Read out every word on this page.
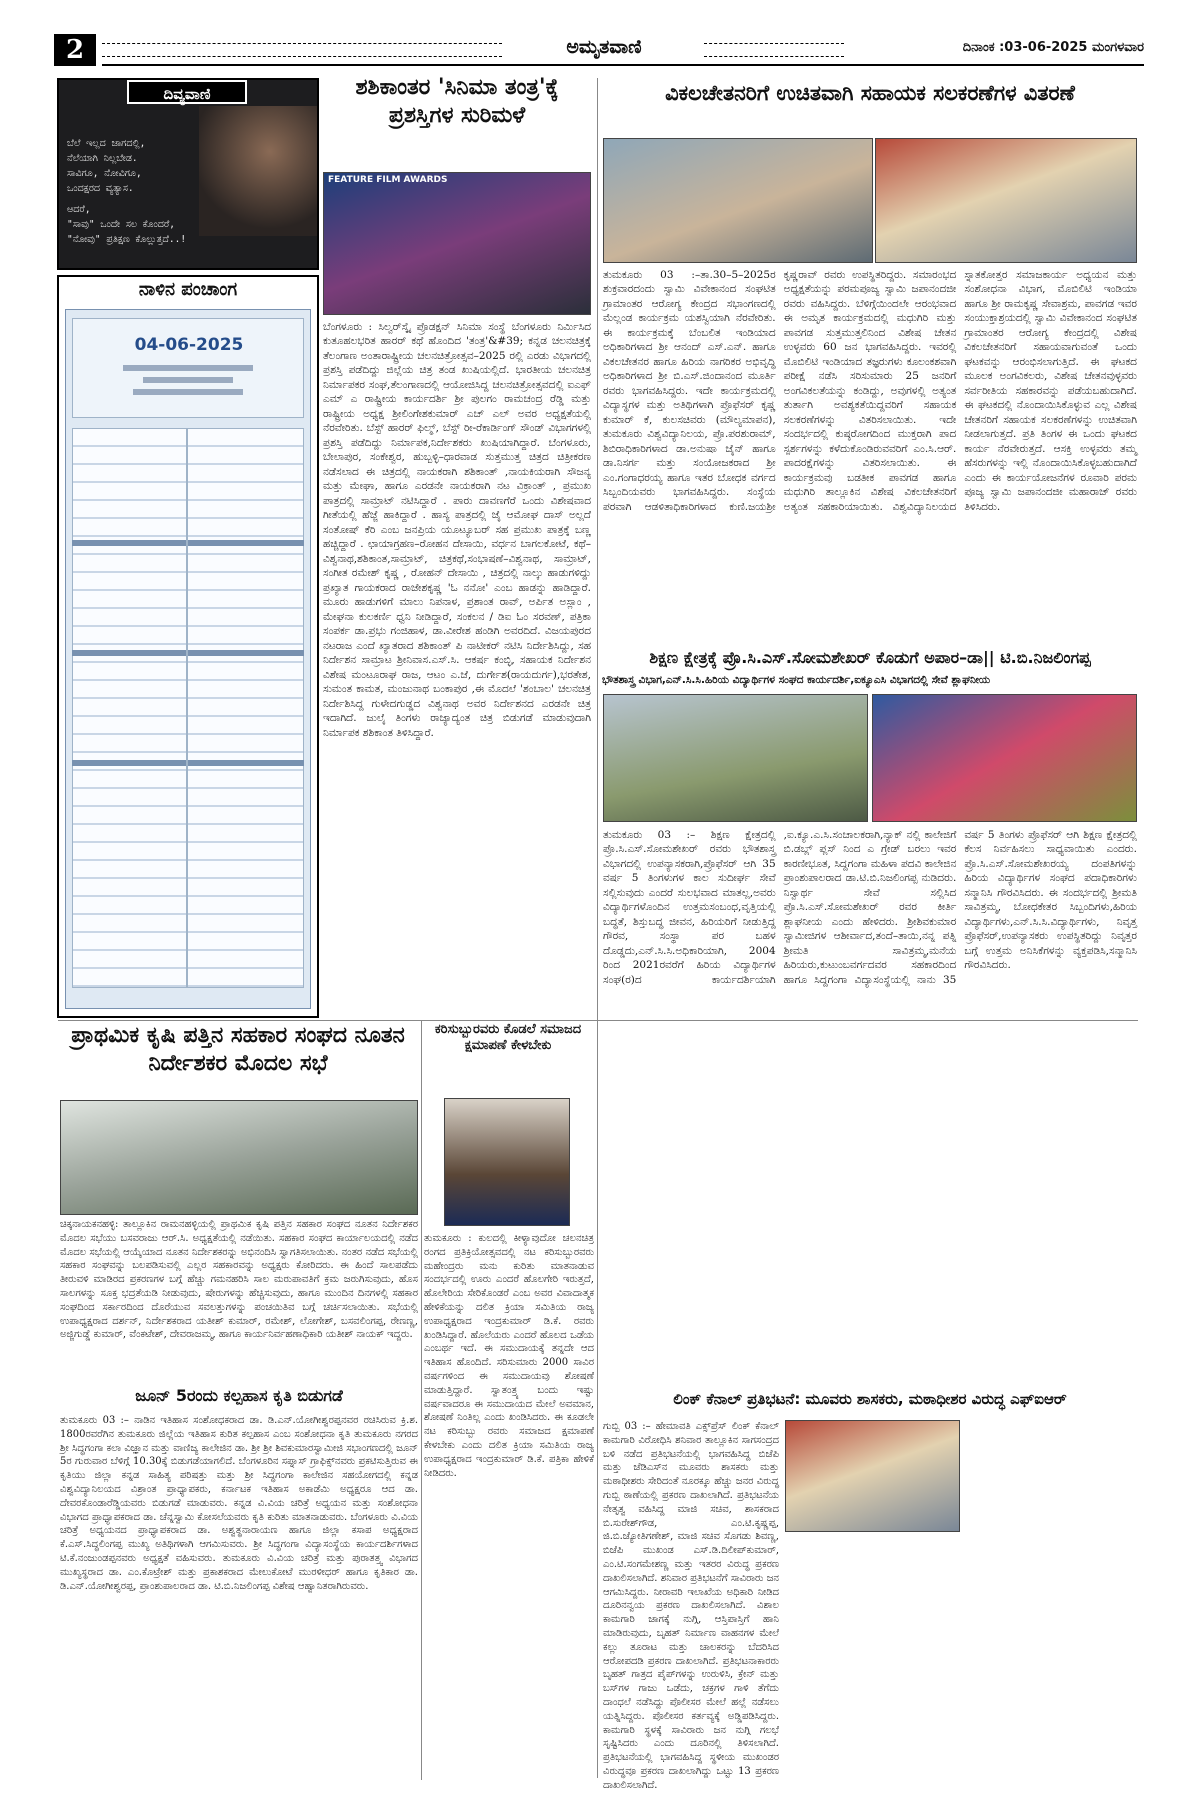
2	ಅಮೃತವಾಣಿ	ದಿನಾಂಕ :03-06-2025 ಮಂಗಳವಾರ
ದಿವ್ಯವಾಣಿ
ಬೆಲೆ ಇಲ್ಲದ ಜಾಗದಲ್ಲಿ,
ನೆಲೆಯಾಗಿ ನಿಲ್ಲಬೇಡ.
ಸಾವಿಗೂ, ನೋವಿಗೂ,
ಒಂದಕ್ಷರದ ವ್ಯತ್ಯಾಸ.
ಆದರೆ,
"ಸಾವು" ಒಂದೇ ಸಲ ಕೊಂದರೆ,
"ನೋವು" ಪ್ರತಿಕ್ಷಣ ಕೊಲ್ಲುತ್ತದೆ..!
ನಾಳಿನ ಪಂಚಾಂಗ
04-06-2025
ಶಶಿಕಾಂತರ 'ಸಿನಿಮಾ ತಂತ್ರ'ಕ್ಕೆ ಪ್ರಶಸ್ತಿಗಳ ಸುರಿಮಳೆ
FEATURE FILM AWARDS
ಬೆಂಗಳೂರು : ಸಿಲ್ವರ್‌ಸ್ಕೈ ಪ್ರೊಡಕ್ಷನ್ ಸಿನಿಮಾ ಸಂಸ್ಥೆ ಬೆಂಗಳೂರು ನಿರ್ಮಿಸಿದ ಕುತೂಹಲಭರಿತ ಹಾರರ್ ಕಥೆ ಹೊಂದಿದ 'ತಂತ್ರ'&#39; ಕನ್ನಡ ಚಲನಚಿತ್ರಕ್ಕೆ ತೆಲಂಗಾಣ ಅಂತಾರಾಷ್ಟ್ರೀಯ ಚಲನಚಿತ್ರೋತ್ಸವ–2025 ರಲ್ಲಿ ಎರಡು ವಿಭಾಗದಲ್ಲಿ ಪ್ರಶಸ್ತಿ ಪಡೆದಿದ್ದು ಜಿಲ್ಲೆಯ ಚಿತ್ರ ತಂಡ ಖುಷಿಯಲ್ಲಿದೆ. ಭಾರತೀಯ ಚಲನಚಿತ್ರ ನಿರ್ಮಾಪಕರ ಸಂಘ,ತೆಲಂಗಾಣದಲ್ಲಿ ಆಯೋಜಿಸಿದ್ದ ಚಲನಚಿತ್ರೋತ್ಸವದಲ್ಲಿ ಐಎಫ್ ಎಮ್ ಎ ರಾಷ್ಟ್ರೀಯ ಕಾರ್ಯದರ್ಶಿ ಶ್ರೀ ಪುಲಗಂ ರಾಮಚಂದ್ರ ರೆಡ್ಡಿ ಮತ್ತು ರಾಷ್ಟ್ರೀಯ ಅಧ್ಯಕ್ಷ ಶ್ರೀಲಿಂಗೇಶಕುಮಾರ್ ಎಚ್ ಎಲ್ ಅವರ ಅಧ್ಯಕ್ಷತೆಯಲ್ಲಿ ನೆರವೇರಿತು. ಬೆಸ್ಟ್ ಹಾರರ್ ಫಿಲ್ಮ್, ಬೆಸ್ಟ್ ರೀ-ರೆಕಾರ್ಡಿಂಗ್ ಸೌಂಡ್ ವಿಭಾಗಗಳಲ್ಲಿ ಪ್ರಶಸ್ತಿ ಪಡೆದಿದ್ದು ನಿರ್ಮಾಪಕ,ನಿರ್ದೇಶಕರು ಖುಷಿಯಾಗಿದ್ದಾರೆ. ಬೆಂಗಳೂರು, ಬೇಲಾಪುರ, ಸಂಕೇಶ್ವರ, ಹುಬ್ಬಳ್ಳಿ–ಧಾರವಾಡ ಸುತ್ತಮುತ್ತ ಚಿತ್ರದ ಚಿತ್ರೀಕರಣ ನಡೆಸಲಾದ ಈ ಚಿತ್ರದಲ್ಲಿ ನಾಯಕರಾಗಿ ಶಶಿಕಾಂತ್ ,ನಾಯಕಿಯರಾಗಿ ಸೌಜನ್ಯ ಮತ್ತು ಮೇಘಾ, ಹಾಗೂ ಎರಡನೇ ನಾಯಕರಾಗಿ ನಟ ವಿಕ್ರಾಂತ್ , ಪ್ರಮುಖ ಪಾತ್ರದಲ್ಲಿ ಸಾಮ್ರಾಟ್ ನಟಿಸಿದ್ದಾರೆ . ಪಾರು ದಾವಣಗೆರೆ ಒಂದು ವಿಶೇಷವಾದ ಗೀತೆಯಲ್ಲಿ ಹೆಜ್ಜೆ ಹಾಕಿದ್ದಾರೆ . ಹಾಸ್ಯ ಪಾತ್ರದಲ್ಲಿ ಜೈ ಆಮೋಘ ದಾಸ್ ಅಲ್ಲದೆ ಸಂತೋಷ್ ಕೆರಿ ಎಂಬ ಜನಪ್ರಿಯ ಯೂಟ್ಯೂಬರ್ ಸಹ ಪ್ರಮುಖ ಪಾತ್ರಕ್ಕೆ ಬಣ್ಣ ಹಚ್ಚಿದ್ದಾರೆ . ಛಾಯಾಗ್ರಹಣ–ರೋಹನ ದೇಸಾಯಿ, ವರ್ಧನ ಬಾಗಲಕೋಟೆ, ಕಥೆ– ವಿಶ್ವನಾಥ,ಶಶಿಕಾಂತ,ಸಾಮ್ರಾಟ್, ಚಿತ್ರಕಥೆ,ಸಂಭಾಷಣೆ–ವಿಶ್ವನಾಥ, ಸಾಮ್ರಾಟ್, ಸಂಗೀತ ರಮೇಶ್ ಕೃಷ್ಣ , ರೋಹನ್ ದೇಸಾಯಿ , ಚಿತ್ರದಲ್ಲಿ ನಾಲ್ಕು ಹಾಡುಗಳಿದ್ದು ಪ್ರಖ್ಯಾತ ಗಾಯಕರಾದ ರಾಜೇಶಕೃಷ್ಣ 'ಓ ನನೋ' ಎಂಬ ಹಾಡನ್ನು ಹಾಡಿದ್ದಾರೆ. ಮೂರು ಹಾಡುಗಳಿಗೆ ಮಾಲು ನಿಪನಾಳ, ಪ್ರಶಾಂತ ರಾವ್, ಅರ್ಪಿತ ಅಸ್ಲಾಂ , ಮೇಘನಾ ಕುಲಕರ್ಣಿ ಧ್ವನಿ ನೀಡಿದ್ದಾರೆ, ಸಂಕಲನ / ಡಿಐ ಓಂ ಸರವಣ್, ಪತ್ರಿಕಾ ಸಂಪರ್ಕ ಡಾ.ಪ್ರಭು ಗಂಜಿಹಾಳ, ಡಾ.ವೀರೇಶ ಹಂಡಿಗಿ ಅವರದಿದೆ. ವಿಜಯಪುರದ ನಟರಾಜ ಎಂದೆ ಖ್ಯಾತರಾದ ಶಶಿಕಾಂತ್ ಪಿ ನಾಟೀಕರ್ ನಟಿಸಿ ನಿರ್ದೇಶಿಸಿದ್ದು, ಸಹ ನಿರ್ದೇಶನ ಸಾಮ್ರಾಟ ಶ್ರೀನಿವಾಸ.ಎಸ್.ಸಿ. ಆಕರ್ಷ ಕಂಬ್ಳಿ, ಸಹಾಯಕ ನಿರ್ದೇಶನ ವಿಶೇಷ ಮಂಟೂರಾಘ ರಾಜ, ಆಟಂ ಎ.ಜೆ, ದುರ್ಗೇಶ(ರಾಯದುರ್ಗ),ಭರತೇಶ, ಸುಮಂತ ಕಾಮತ, ಮಂಜುನಾಥ ಬಂಕಾಪುರ ,ಈ ಮೊದಲೆ 'ಶಂಬಾಲ' ಚಲನಚಿತ್ರ ನಿರ್ದೇಶಿಸಿದ್ದ ಗುಳೇದಗುಡ್ಡದ ವಿಶ್ವನಾಥ ಅವರ ನಿರ್ದೇಶನದ ಎರಡನೇ ಚಿತ್ರ ಇದಾಗಿದೆ. ಜುಲೈ ತಿಂಗಳು ರಾಜ್ಯಾದ್ಯಂತ ಚಿತ್ರ ಬಿಡುಗಡೆ ಮಾಡುವುದಾಗಿ ನಿರ್ಮಾಪಕ ಶಶಿಕಾಂತ ತಿಳಿಸಿದ್ದಾರೆ.
ವಿಕಲಚೇತನರಿಗೆ ಉಚಿತವಾಗಿ ಸಹಾಯಕ ಸಲಕರಣೆಗಳ ವಿತರಣೆ
ತುಮಕೂರು 03 :–ತಾ.30–5–2025ರ ಶುಕ್ರವಾರದಂದು ಸ್ವಾಮಿ ವಿವೇಕಾನಂದ ಸಂಘಟಿತ ಗ್ರಾಮಾಂತರ ಆರೋಗ್ಯ ಕೇಂದ್ರದ ಸಭಾಂಗಣದಲ್ಲಿ ಮೆಲ್ಲಂಡ ಕಾರ್ಯಕ್ರಮ ಯಶಸ್ವಿಯಾಗಿ ನೆರವೇರಿತು. ಈ ಕಾರ್ಯಕ್ರಮಕ್ಕೆ ಬೆಂಬಲಿತ ಇಂಡಿಯಾದ ಅಧಿಕಾರಿಗಳಾದ ಶ್ರೀ ಆನಂದ್ ಎಸ್.ಎನ್. ಹಾಗೂ ವಿಕಲಚೇತನರ ಹಾಗೂ ಹಿರಿಯ ನಾಗರಿಕರ ಅಭಿವೃದ್ಧಿ ಅಧಿಕಾರಿಗಳಾದ ಶ್ರೀ ಬಿ.ಎಸ್.ಜಿಂದಾನಂದ ಮೂರ್ತಿ ರವರು ಭಾಗವಹಿಸಿದ್ದರು. ಇದೇ ಕಾರ್ಯಕ್ರಮದಲ್ಲಿ ವಿದ್ಯಾಸ್ಥಗಳ ಮತ್ತು ಅತಿಥಿಗಳಾಗಿ ಪ್ರೊಫೆಸರ್ ಕೃಷ್ಣ ಕುಮಾರ್ ಕೆ, ಕುಲಸಚಿವರು (ಮೌಲ್ಯಮಾಪನ), ತುಮಕೂರು ವಿಶ್ವವಿದ್ಯಾನಿಲಯ, ಪ್ರೊ.ಪರಶುರಾಮ್, ಶಿಬಿರಾಧಿಕಾರಿಗಳಾದ ಡಾ.ಅನುಷಾ ಜೈನ್ ಹಾಗೂ ಡಾ.ನಿಸರ್ಗ ಮತ್ತು ಸಂಯೋಜಕರಾದ ಶ್ರೀ ಎಂ.ಗಂಗಾಧರಯ್ಯ ಹಾಗೂ ಇತರ ಬೋಧಕ ವರ್ಗದ ಸಿಬ್ಬಂದಿಯವರು ಭಾಗವಹಿಸಿದ್ದರು. ಸಂಸ್ಥೆಯ ಪರವಾಗಿ ಆಡಳಿತಾಧಿಕಾರಿಗಳಾದ ಕುಣಿ.ಜಯಶ್ರೀ ಕೃಷ್ಣರಾವ್ ರವರು ಉಪಸ್ಥಿತರಿದ್ದರು. ಸಮಾರಂಭದ ಅಧ್ಯಕ್ಷತೆಯನ್ನು ಪರಮಪೂಜ್ಯ ಸ್ವಾಮಿ ಜಪಾನಂದಜೀ ರವರು ವಹಿಸಿದ್ದರು. ಬೆಳಿಗ್ಗೆಯಿಂದಲೇ ಆರಂಭವಾದ ಈ ಅಮೃತ ಕಾರ್ಯಕ್ರಮದಲ್ಲಿ ಮಧುಗಿರಿ ಮತ್ತು ಪಾವಗಡ ಸುತ್ತಮುತ್ತಲಿನಿಂದ ವಿಶೇಷ ಚೇತನ ಉಳ್ಳವರು 60 ಜನ ಭಾಗವಹಿಸಿದ್ದರು. ಇವರಲ್ಲಿ ಮೊಬಿಲಿಟಿ ಇಂಡಿಯಾದ ತಜ್ಞರುಗಳು ಕೂಲಂಕಶವಾಗಿ ಪರೀಕ್ಷೆ ನಡೆಸಿ ಸರಿಸುಮಾರು 25 ಜನರಿಗೆ ಅಂಗವಿಕಲತೆಯನ್ನು ಕಂಡಿದ್ದು, ಅವುಗಳಲ್ಲಿ ಅತ್ಯಂತ ತುರ್ತಾಗಿ ಅವಶ್ಯಕತೆಯಿದ್ದವರಿಗೆ ಸಹಾಯಕ ಸಲಕರಣೆಗಳನ್ನು ವಿತರಿಸಲಾಯಿತು. ಇದೇ ಸಂದರ್ಭದಲ್ಲಿ ಕುಷ್ಠರೋಗದಿಂದ ಮುಕ್ತರಾಗಿ ಪಾದ ಸ್ಪರ್ಶಗಳನ್ನು ಕಳೆದುಕೊಂಡಿರುವವರಿಗೆ ಎಂ.ಸಿ.ಆರ್. ಪಾದರಕ್ಷೆಗಳನ್ನು ವಿತರಿಸಲಾಯಿತು. ಈ ಕಾರ್ಯಕ್ರಮವು ಬಡತೀಕ ಪಾವಗಡ ಹಾಗೂ ಮಧುಗಿರಿ ತಾಲ್ಲೂಕಿನ ವಿಶೇಷ ವಿಕಲಚೇತನರಿಗೆ ಅತ್ಯಂತ ಸಹಕಾರಿಯಾಯಿತು. ವಿಶ್ವವಿದ್ಯಾನಿಲಯದ ಸ್ನಾತಕೋತ್ತರ ಸಮಾಜಕಾರ್ಯ ಅಧ್ಯಯನ ಮತ್ತು ಸಂಶೋಧನಾ ವಿಭಾಗ, ಮೊಬಿಲಿಟಿ ಇಂಡಿಯಾ ಹಾಗೂ ಶ್ರೀ ರಾಮಕೃಷ್ಣ ಸೇವಾಶ್ರಮ, ಪಾವಗಡ ಇವರ ಸಂಯುಕ್ತಾಶ್ರಯದಲ್ಲಿ ಸ್ವಾಮಿ ವಿವೇಕಾನಂದ ಸಂಘಟಿತ ಗ್ರಾಮಾಂತರ ಆರೋಗ್ಯ ಕೇಂದ್ರದಲ್ಲಿ ವಿಶೇಷ ವಿಕಲಚೇತನರಿಗೆ ಸಹಾಯವಾಗುವಂತೆ ಒಂದು ಘಟಕವನ್ನು ಆರಂಭಿಸಲಾಗುತ್ತಿದೆ. ಈ ಘಟಕದ ಮೂಲಕ ಅಂಗವಿಕಲರು, ವಿಶೇಷ ಚೇತನವುಳ್ಳವರು ಸರ್ವರೀತಿಯ ಸಹಕಾರವನ್ನು ಪಡೆಯಬಹುದಾಗಿದೆ. ಈ ಘಟಕದಲ್ಲಿ ನೊಂದಾಯಿಸಿಕೊಳ್ಳುವ ಎಲ್ಲ ವಿಶೇಷ ಚೇತನರಿಗೆ ಸಹಾಯಕ ಸಲಕರಣೆಗಳನ್ನು ಉಚಿತವಾಗಿ ನೀಡಲಾಗುತ್ತದೆ. ಪ್ರತಿ ತಿಂಗಳ ಈ ಒಂದು ಘಟಕದ ಕಾರ್ಯ ನೆರವೇರುತ್ತದೆ. ಆಸಕ್ತಿ ಉಳ್ಳವರು ತಮ್ಮ ಹೆಸರುಗಳನ್ನು ಇಲ್ಲಿ ನೊಂದಾಯಿಸಿಕೊಳ್ಳಬಹುದಾಗಿದೆ ಎಂದು ಈ ಕಾರ್ಯಯೋಜನೆಗಳ ರೂವಾರಿ ಪರಮ ಪೂಜ್ಯ ಸ್ವಾಮಿ ಜಪಾನಂದಜೀ ಮಹಾರಾಜ್ ರವರು ತಿಳಿಸಿದರು.
ಶಿಕ್ಷಣ ಕ್ಷೇತ್ರಕ್ಕೆ ಪ್ರೊ.ಸಿ.ಎಸ್.ಸೋಮಶೇಖರ್ ಕೊಡುಗೆ ಅಪಾರ–ಡಾ|| ಟಿ.ಬಿ.ನಿಜಲಿಂಗಪ್ಪ
ಭೌತಶಾಸ್ತ್ರ ವಿಭಾಗ,ಎನ್.ಸಿ.ಸಿ.ಹಿರಿಯ ವಿದ್ಯಾರ್ಥಿಗಳ ಸಂಘದ ಕಾರ್ಯದರ್ಶಿ,ಐಕ್ಯೂಎಸಿ ವಿಭಾಗದಲ್ಲಿ ಸೇವೆ ಶ್ಲಾಘನೀಯ
ತುಮಕೂರು 03 :– ಶಿಕ್ಷಣ ಕ್ಷೇತ್ರದಲ್ಲಿ ಪ್ರೊ.ಸಿ.ಎಸ್.ಸೋಮಶೇಖರ್ ರವರು ಭೌತಶಾಸ್ತ್ರ ವಿಭಾಗದಲ್ಲಿ ಉಪನ್ಯಾಸಕರಾಗಿ,ಪ್ರೊಫೆಸರ್ ಆಗಿ 35 ವರ್ಷ 5 ತಿಂಗಳುಗಳ ಕಾಲ ಸುದೀರ್ಘ ಸೇವೆ ಸಲ್ಲಿಸುವುದು ಎಂದರೆ ಸುಲಭವಾದ ಮಾತಲ್ಲ,ಅವರು ವಿದ್ಯಾರ್ಥಿಗಳೊಂದಿನ ಉತ್ತಮಸಂಬಂಧ,ವೃತ್ತಿಯಲ್ಲಿ ಬದ್ಧತೆ, ಶಿಸ್ತುಬದ್ಧ ಜೀವನ, ಹಿರಿಯರಿಗೆ ನೀಡುತ್ತಿದ್ದ ಗೌರವ, ಸಂಸ್ಥಾ ಪರ ಬಹಳ ದೊಡ್ಡದು,ಎನ್.ಸಿ.ಸಿ.ಅಧಿಕಾರಿಯಾಗಿ, 2004 ರಿಂದ 2021ರವರೆಗೆ ಹಿರಿಯ ವಿದ್ಯಾರ್ಥಿಗಳ ಸಂಘ(ರ)ದ ಕಾರ್ಯದರ್ಶಿಯಾಗಿ ,ಐ.ಕ್ಯೂ.ಎ.ಸಿ.ಸಂಚಾಲಕರಾಗಿ,ನ್ಯಾಕ್ ನಲ್ಲಿ ಕಾಲೇಜಿಗೆ ಬಿ.ಡಬ್ಲ್ ಪ್ಲಸ್ ನಿಂದ ಎ ಗ್ರೇಡ್ ಬರಲು ಇವರ ಕಾರಣೀಭೂತ, ಸಿದ್ದಗಂಗಾ ಮಹಿಳಾ ಪದವಿ ಕಾಲೇಜಿನ ಪ್ರಾಂಶುಪಾಲರಾದ ಡಾ.ಟಿ.ಬಿ.ನಿಜಲಿಂಗಪ್ಪ ನುಡಿದರು. ನಿಸ್ವಾರ್ಥ ಸೇವೆ ಸಲ್ಲಿಸಿದ ಪ್ರೊ.ಸಿ.ಎಸ್.ಸೋಮಶೇಖರ್ ರವರ ಕೀರ್ತಿ ಶ್ಲಾಘನೀಯ ಎಂದು ಹೇಳಿದರು. ಶ್ರೀಶಿವಕುಮಾರ ಸ್ವಾಮೀಜಿಗಳ ಆಶೀರ್ವಾದ,ತಂದೆ–ತಾಯಿ,ನನ್ನ ಪತ್ನಿ ಶ್ರೀಮತಿ ಸಾವಿತ್ರಮ್ಮ,ಮನೆಯ ಹಿರಿಯರು,ಕುಟುಂಬವರ್ಗದವರ ಸಹಕಾರದಿಂದ ಹಾಗೂ ಸಿದ್ದಗಂಗಾ ವಿದ್ಯಾಸಂಸ್ಥೆಯಲ್ಲಿ ನಾನು 35 ವರ್ಷ 5 ತಿಂಗಳು ಪ್ರೊಫೆಸರ್ ಆಗಿ ಶಿಕ್ಷಣ ಕ್ಷೇತ್ರದಲ್ಲಿ ಕೆಲಸ ನಿರ್ವಹಿಸಲು ಸಾಧ್ಯವಾಯಿತು ಎಂದರು. ಪ್ರೊ.ಸಿ.ಎಸ್.ಸೋಮಶೇಖರಯ್ಯ ದಂಪತಿಗಳನ್ನು ಹಿರಿಯ ವಿದ್ಯಾರ್ಥಿಗಳ ಸಂಘದ ಪದಾಧಿಕಾರಿಗಳು ಸನ್ಮಾನಿಸಿ ಗೌರವಿಸಿದರು. ಈ ಸಂದರ್ಭದಲ್ಲಿ ಶ್ರೀಮತಿ ಸಾವಿತ್ರಮ್ಮ, ಬೋಧಕೇತರ ಸಿಬ್ಬಂದಿಗಳು,ಹಿರಿಯ ವಿದ್ಯಾರ್ಥಿಗಳು,ಎನ್.ಸಿ.ಸಿ.ವಿದ್ಯಾರ್ಥಿಗಳು, ನಿವೃತ್ತ ಪ್ರೊಫೆಸರ್,ಉಪನ್ಯಾಸಕರು ಉಪಸ್ಥಿತರಿದ್ದು ನಿವೃತ್ತರ ಬಗ್ಗೆ ಉತ್ತಮ ಅನಿಸಿಕೆಗಳನ್ನು ವ್ಯಕ್ತಪಡಿಸಿ,ಸನ್ಮಾನಿಸಿ ಗೌರವಿಸಿದರು.
ಪ್ರಾಥಮಿಕ ಕೃಷಿ ಪತ್ತಿನ ಸಹಕಾರ ಸಂಘದ ನೂತನ ನಿರ್ದೇಶಕರ ಮೊದಲ ಸಭೆ
ಚಿಕ್ಕನಾಯಕನಹಳ್ಳಿ: ತಾಲ್ಲೂಕಿನ ರಾಮನಹಳ್ಳಿಯಲ್ಲಿ ಪ್ರಾಥಮಿಕ ಕೃಷಿ ಪತ್ತಿನ ಸಹಕಾರ ಸಂಘದ ನೂತನ ನಿರ್ದೇಶಕರ ಮೊದಲ ಸಭೆಯು ಬಸವರಾಜು ಆರ್.ಸಿ. ಅಧ್ಯಕ್ಷತೆಯಲ್ಲಿ ನಡೆಯಿತು. ಸಹಕಾರ ಸಂಘದ ಕಾರ್ಯಾಲಯದಲ್ಲಿ ನಡೆದ ಮೊದಲ ಸಭೆಯಲ್ಲಿ ಆಯ್ಕೆಯಾದ ನೂತನ ನಿರ್ದೇಶಕರನ್ನು ಅಭಿನಂದಿಸಿ ಸ್ವಾಗತಿಸಲಾಯಿತು. ನಂತರ ನಡೆದ ಸಭೆಯಲ್ಲಿ ಸಹಕಾರ ಸಂಘವನ್ನು ಬಲಪಡಿಸುವಲ್ಲಿ ಎಲ್ಲರ ಸಹಕಾರವನ್ನು ಅಧ್ಯಕ್ಷರು ಕೋರಿದರು. ಈ ಹಿಂದೆ ಸಾಲಪಡೆದು ತೀರುವಳಿ ಮಾಡಿರದ ಪ್ರಕರಣಗಳ ಬಗ್ಗೆ ಹೆಚ್ಚು ಗಮನಹರಿಸಿ ಸಾಲ ಮರುಪಾವತಿಗೆ ಕ್ರಮ ಜರುಗಿಸುವುದು, ಹೊಸ ಸಾಲಗಳನ್ನು ಸೂಕ್ತ ಭದ್ರತೆಯಡಿ ನೀಡುವುದು, ಷೇರುಗಳನ್ನು ಹೆಚ್ಚಿಸುವುದು, ಹಾಗೂ ಮುಂದಿನ ದಿನಗಳಲ್ಲಿ ಸಹಕಾರ ಸಂಘದಿಂದ ಸರ್ಕಾರದಿಂದ ದೊರೆಯುವ ಸವಲತ್ತುಗಳನ್ನು ಪಂಚಯಿತಿವ ಬಗ್ಗೆ ಚರ್ಚಿಸಲಾಯಿತು. ಸಭೆಯಲ್ಲಿ ಉಪಾಧ್ಯಕ್ಷರಾದ ದರ್ಶನ್, ನಿರ್ದೇಶಕರಾದ ಯತೀಶ್ ಕುಮಾರ್, ರಮೇಶ್, ಲೋಗೇಶ್, ಬಸವಲಿಂಗಪ್ಪ, ರೇಣಣ್ಣ, ಅಜ್ಜಿಗುಡ್ಡೆ ಕುಮಾರ್, ವೆಂಕಟೇಶ್, ದೇವರಾಜಮ್ಮ, ಹಾಗೂ ಕಾರ್ಯನಿರ್ವಹಣಾಧಿಕಾರಿ ಯತೀಶ್ ನಾಯಕ್ ಇದ್ದರು.
ಕರಿಸುಬ್ಬುರವರು ಕೊಡಲೆ ಸಮಾಜದ ಕ್ಷಮಾಪಣೆ ಕೇಳಬೇಕು
ತುಮಕೂರು : ಕುಲದಲ್ಲಿ ಕೀಳ್ಯಾವುದೋ ಚಲನಚಿತ್ರ ರಂಗದ ಪ್ರತಿಕ್ರಿಯೋತ್ಸವದಲ್ಲಿ ನಟ ಕರಿಸುಬ್ಬುರವರು ಮಹೇಂದ್ರರು ಮನು ಕುರಿತು ಮಾತನಾಡುವ ಸಂದರ್ಭದಲ್ಲಿ ಊರು ಎಂದರೆ ಹೊಲಗೇರಿ ಇರುತ್ತದೆ, ಹೊಲೇರಿಯ ಸೇರಿಕೊಂಡರೆ ಎಂಬ ಅವರ ವಿವಾದಾತ್ಮಕ ಹೇಳಿಕೆಯನ್ನು ದಲಿತ ಕ್ರಿಯಾ ಸಮಿತಿಯ ರಾಜ್ಯ ಉಪಾಧ್ಯಕ್ಷರಾದ ಇಂದ್ರಕುಮಾರ್ ಡಿ.ಕೆ. ರವರು ಖಂಡಿಸಿದ್ದಾರೆ. ಹೊಲೆಯರು ಎಂದರೆ ಹೊಲದ ಒಡೆಯ ಎಂಬರ್ಥ ಇದೆ. ಈ ಸಮುದಾಯಕ್ಕೆ ತನ್ನದೇ ಆದ ಇತಿಹಾಸ ಹೊಂದಿದೆ. ಸರಿಸುಮಾರು 2000 ಸಾವಿರ ವರ್ಷಗಳಿಂದ ಈ ಸಮುದಾಯವು ಶೋಷಣೆ ಮಾಡುತ್ತಿದ್ದಾರೆ. ಸ್ವಾತಂತ್ರ್ಯ ಬಂದು ಇಷ್ಟು ವರ್ಷವಾದರೂ ಈ ಸಮುದಾಯದ ಮೇಲೆ ಅವಮಾನ, ಶೋಷಣೆ ನಿಂತಿಲ್ಲ ಎಂದು ಖಂಡಿಸಿದರು. ಈ ಕೂಡಲೇ ನಟ ಕರಿಸುಬ್ಬು ರವರು ಸಮಾಜದ ಕ್ಷಮಾಪಣೆ ಕೇಳಬೇಕು ಎಂದು ದಲಿತ ಕ್ರಿಯಾ ಸಮಿತಿಯ ರಾಜ್ಯ ಉಪಾಧ್ಯಕ್ಷರಾದ ಇಂದ್ರಕುಮಾರ್ ಡಿ.ಕೆ. ಪತ್ರಿಕಾ ಹೇಳಿಕೆ ನೀಡಿದರು.
ಜೂನ್ 5ರಂದು ಕಲ್ಪಹಾಸ ಕೃತಿ ಬಿಡುಗಡೆ
ತುಮಕೂರು 03 :– ನಾಡಿನ ಇತಿಹಾಸ ಸಂಶೋಧಕರಾದ ಡಾ. ಡಿ.ಎನ್.ಯೋಗೀಶ್ವರಪ್ಪನವರ ರಚಿಸಿರುವ ಕ್ರಿ.ಶ. 1800ರವರೆಗಿನ ತುಮಕೂರು ಜಿಲ್ಲೆಯ ಇತಿಹಾಸ ಕುರಿತ ಕಲ್ಪಹಾಸ ಎಂಬ ಸಂಶೋಧನಾ ಕೃತಿ ತುಮಕೂರು ನಗರದ ಶ್ರೀ ಸಿದ್ಧಗಂಗಾ ಕಲಾ ವಿಜ್ಞಾನ ಮತ್ತು ವಾಣಿಜ್ಯ ಕಾಲೇಜಿನ ಡಾ. ಶ್ರೀ ಶ್ರೀ ಶಿವಕುಮಾರಸ್ವಾಮೀಜಿ ಸಭಾಂಗಣದಲ್ಲಿ ಜೂನ್ 5ರ ಗುರುವಾರ ಬೆಳಿಗ್ಗೆ 10.30ಕ್ಕೆ ಬಿಡುಗಡೆಯಾಗಲಿದೆ. ಬೆಂಗಳೂರಿನ ಸಪ್ನಾಸ್ ಗ್ರಾಫಿಕ್ಸ್‌ನವರು ಪ್ರಕಟಿಸುತ್ತಿರುವ ಈ ಕೃತಿಯು ಜಿಲ್ಲಾ ಕನ್ನಡ ಸಾಹಿತ್ಯ ಪರಿಷತ್ತು ಮತ್ತು ಶ್ರೀ ಸಿದ್ಧಗಂಗಾ ಕಾಲೇಜಿನ ಸಹಯೋಗದಲ್ಲಿ ಕನ್ನಡ ವಿಶ್ವವಿದ್ಯಾನಿಲಯದ ವಿಶ್ರಾಂತ ಪ್ರಾಧ್ಯಾಪಕರು, ಕರ್ನಾಟಕ ಇತಿಹಾಸ ಅಕಾಡೆಮಿ ಅಧ್ಯಕ್ಷರೂ ಆದ ಡಾ. ದೇವರಕೊಂಡಾರೆಡ್ಡಿಯವರು ಬಿಡುಗಡೆ ಮಾಡುವರು. ಕನ್ನಡ ವಿ.ವಿಯ ಚರಿತ್ರೆ ಅಧ್ಯಯನ ಮತ್ತು ಸಂಶೋಧನಾ ವಿಭಾಗದ ಪ್ರಾಧ್ಯಾಪಕರಾದ ಡಾ. ಚೆನ್ನಸ್ವಾಮಿ ಕೋಸಲೆಯವರು ಕೃತಿ ಕುರಿತು ಮಾತನಾಡುವರು. ಬೆಂಗಳೂರು ವಿ.ವಿಯ ಚರಿತ್ರೆ ಅಧ್ಯಯನದ ಪ್ರಾಧ್ಯಾಪಕರಾದ ಡಾ. ಅಶ್ವತ್ಥನಾರಾಯಣ ಹಾಗೂ ಜಿಲ್ಲಾ ಕಸಾಪ ಅಧ್ಯಕ್ಷರಾದ ಕೆ.ಎಸ್.ಸಿದ್ಧಲಿಂಗಪ್ಪ ಮುಖ್ಯ ಅತಿಥಿಗಳಾಗಿ ಆಗಮಿಸುವರು. ಶ್ರೀ ಸಿದ್ಧಗಂಗಾ ವಿದ್ಯಾಸಂಸ್ಥೆಯ ಕಾರ್ಯದರ್ಶಿಗಳಾದ ಟಿ.ಕೆ.ನಂಜುಂಡಪ್ಪನವರು ಅಧ್ಯಕ್ಷತೆ ವಹಿಸುವರು. ತುಮಕೂರು ವಿ.ವಿಯ ಚರಿತ್ರೆ ಮತ್ತು ಪುರಾತತ್ತ್ವ ವಿಭಾಗದ ಮುಖ್ಯಸ್ಥರಾದ ಡಾ. ಎಂ.ಕೊಟ್ರೇಶ್ ಮತ್ತು ಪ್ರಕಾಶಕರಾದ ಮೇಲುಕೋಟೆ ಮುರಳೀಧರ್ ಹಾಗೂ ಕೃತಿಕಾರ ಡಾ. ಡಿ.ಎನ್.ಯೋಗೀಶ್ವರಪ್ಪ, ಪ್ರಾಂಶುಪಾಲರಾದ ಡಾ. ಟಿ.ಬಿ.ನಿಜಲಿಂಗಪ್ಪ ವಿಶೇಷ ಆಹ್ವಾನಿತರಾಗಿರುವರು.
ಲಿಂಕ್ ಕೆನಾಲ್ ಪ್ರತಿಭಟನೆ: ಮೂವರು ಶಾಸಕರು, ಮಠಾಧೀಶರ ವಿರುದ್ಧ ಎಫ್‌ಐಆರ್
ಗುಬ್ಬಿ 03 :– ಹೇಮಾವತಿ ಎಕ್ಸ್‌ಪ್ರೆಸ್ ಲಿಂಕ್ ಕೆನಾಲ್ ಕಾಮಗಾರಿ ವಿರೋಧಿಸಿ ಶನಿವಾರ ತಾಲ್ಲೂಕಿನ ಸಾಗಸಂದ್ರದ ಬಳಿ ನಡೆದ ಪ್ರತಿಭಟನೆಯಲ್ಲಿ ಭಾಗವಹಿಸಿದ್ದ ಬಿಜೆಪಿ ಮತ್ತು ಜೆಡಿಎಸ್‌ನ ಮೂವರು ಶಾಸಕರು ಮತ್ತು ಮಠಾಧೀಶರು ಸೇರಿದಂತೆ ನೂರಕ್ಕೂ ಹೆಚ್ಚು ಜನರ ವಿರುದ್ಧ ಗುಬ್ಬಿ ಠಾಣೆಯಲ್ಲಿ ಪ್ರಕರಣ ದಾಖಲಾಗಿದೆ. ಪ್ರತಿಭಟನೆಯ ನೇತೃತ್ವ ವಹಿಸಿದ್ದ ಮಾಜಿ ಸಚಿವ, ಶಾಸಕರಾದ ಬಿ.ಸುರೇಶ್‌ಗೌಡ, ಎಂ.ಟಿ.ಕೃಷ್ಣಪ್ಪ, ಜಿ.ಬಿ.ಜ್ಯೋತಿಗಣೇಶ್, ಮಾಜಿ ಸಚಿವ ಸೊಗಡು ಶಿವಣ್ಣ, ಬಿಜೆಪಿ ಮುಖಂಡ ಎಸ್.ಡಿ.ದಿಲೀಪ್‌ಕುಮಾರ್, ಎಂ.ಟಿ.ಸಂಗಮೇಶಣ್ಣ ಮತ್ತು ಇತರರ ವಿರುದ್ಧ ಪ್ರಕರಣ ದಾಖಲಿಸಲಾಗಿದೆ. ಶನಿವಾರ ಪ್ರತಿಭಟನೆಗೆ ಸಾವಿರಾರು ಜನ ಆಗಮಿಸಿದ್ದರು. ನೀರಾವರಿ ಇಲಾಖೆಯ ಅಧಿಕಾರಿ ನೀಡಿದ ದೂರಿನನ್ವಯ ಪ್ರಕರಣ ದಾಖಲಿಸಲಾಗಿದೆ. ವಿಶಾಲ ಕಾಮಗಾರಿ ಜಾಗಕ್ಕೆ ನುಗ್ಗಿ, ಆಸ್ತಿಪಾಸ್ತಿಗೆ ಹಾನಿ ಮಾಡಿರುವುದು, ಬೃಹತ್ ನಿರ್ಮಾಣ ವಾಹನಗಳ ಮೇಲೆ ಕಲ್ಲು ತೂರಾಟ ಮತ್ತು ಚಾಲಕರನ್ನು ಬೆದರಿಸಿದ ಆರೋಪದಡಿ ಪ್ರಕರಣ ದಾಖಲಾಗಿದೆ. ಪ್ರತಿಭಟನಾಕಾರರು ಬೃಹತ್ ಗಾತ್ರದ ಪೈಪ್‌ಗಳನ್ನು ಉರುಳಿಸಿ, ಕ್ರೇನ್ ಮತ್ತು ಬಸ್‌ಗಳ ಗಾಜು ಒಡೆದು, ಚಕ್ರಗಳ ಗಾಳಿ ತೆಗೆದು ದಾಂಧಲೆ ನಡೆಸಿದ್ದು ಪೊಲೀಸರ ಮೇಲೆ ಹಲ್ಲೆ ನಡೆಸಲು ಯತ್ನಿಸಿದ್ದರು. ಪೊಲೀಸರ ಕರ್ತವ್ಯಕ್ಕೆ ಅಡ್ಡಿಪಡಿಸಿದ್ದರು. ಕಾಮಗಾರಿ ಸ್ಥಳಕ್ಕೆ ಸಾವಿರಾರು ಜನ ನುಗ್ಗಿ ಗಲಭೆ ಸೃಷ್ಟಿಸಿದರು ಎಂದು ದೂರಿನಲ್ಲಿ ತಿಳಿಸಲಾಗಿದೆ. ಪ್ರತಿಭಟನೆಯಲ್ಲಿ ಭಾಗವಹಿಸಿದ್ದ ಸ್ಥಳೀಯ ಮುಖಂಡರ ವಿರುದ್ಧವೂ ಪ್ರಕರಣ ದಾಖಲಾಗಿದ್ದು ಒಟ್ಟು 13 ಪ್ರಕರಣ ದಾಖಲಿಸಲಾಗಿದೆ.
